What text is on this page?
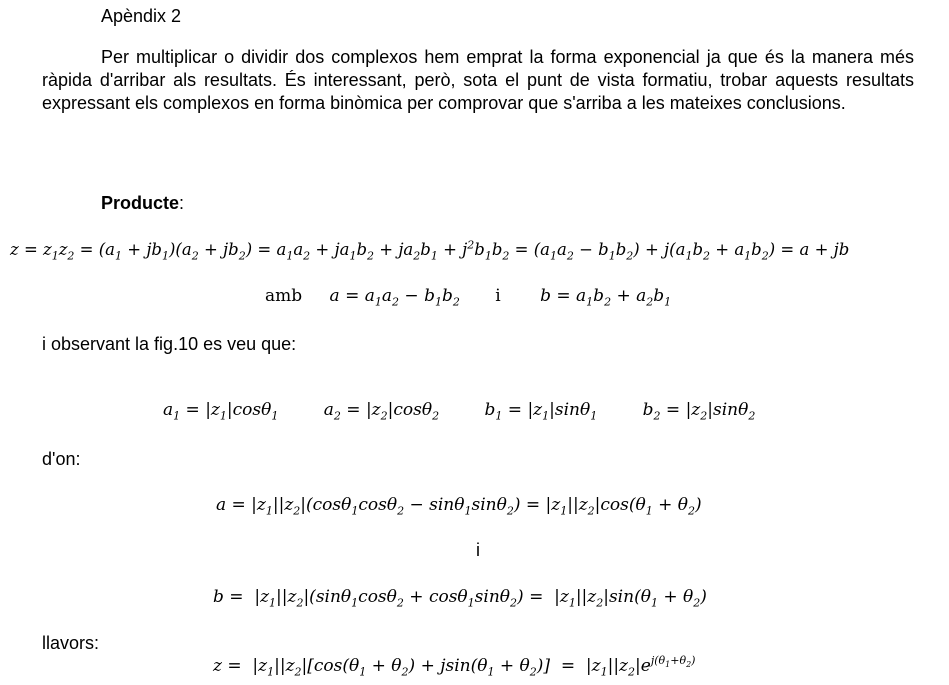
Apèndix 2
Per multiplicar o dividir dos complexos hem emprat la forma exponencial ja que és la manera més ràpida d'arribar als resultats. És interessant, però, sota el punt de vista formatiu, trobar aquests resultats expressant els complexos en forma binòmica per comprovar que s'arriba a les mateixes conclusions.
Producte:
$z = z_1z_2 = (a_1 + jb_1)(a_2 + jb_2) = a_1a_2 + ja_1b_2 + ja_2b_1 + j^2b_1b_2 = (a_1a_2 - b_1b_2) + j(a_1b_2 + a_1b_2) = a$ + jb
amb $a = a_1a_2 - b_1b_2$ i $b = a_1b_2 + a_2b_1$
i observant la fig.10 es veu que:
$a_1 = |z_1|\cos\theta_1$	$a_2 = |z_2|\cos\theta_2$	$b_1 = |z_1|\sin\theta_1$	$b_2 = |z_2|\sin\theta_2$
d'on:
$a = |z_1||z_2|(\cos\theta_1\cos\theta_2 - \sin\theta_1\sin\theta_2) = |z_1||z_2|\cos(\theta_1 + \theta_2)$
i
$b = |z_1||z_2|(\sin\theta_1\cos\theta_2 + \cos\theta_1\sin\theta_2) = |z_1||z_2|\sin(\theta_1 + \theta_2)$
llavors:
$z = |z_1||z_2|[\cos(\theta_1 + \theta_2) + jsin(\theta_1 + \theta_2)] = |z_1||z_2|e^{j(\theta_1+\theta_2)}$
